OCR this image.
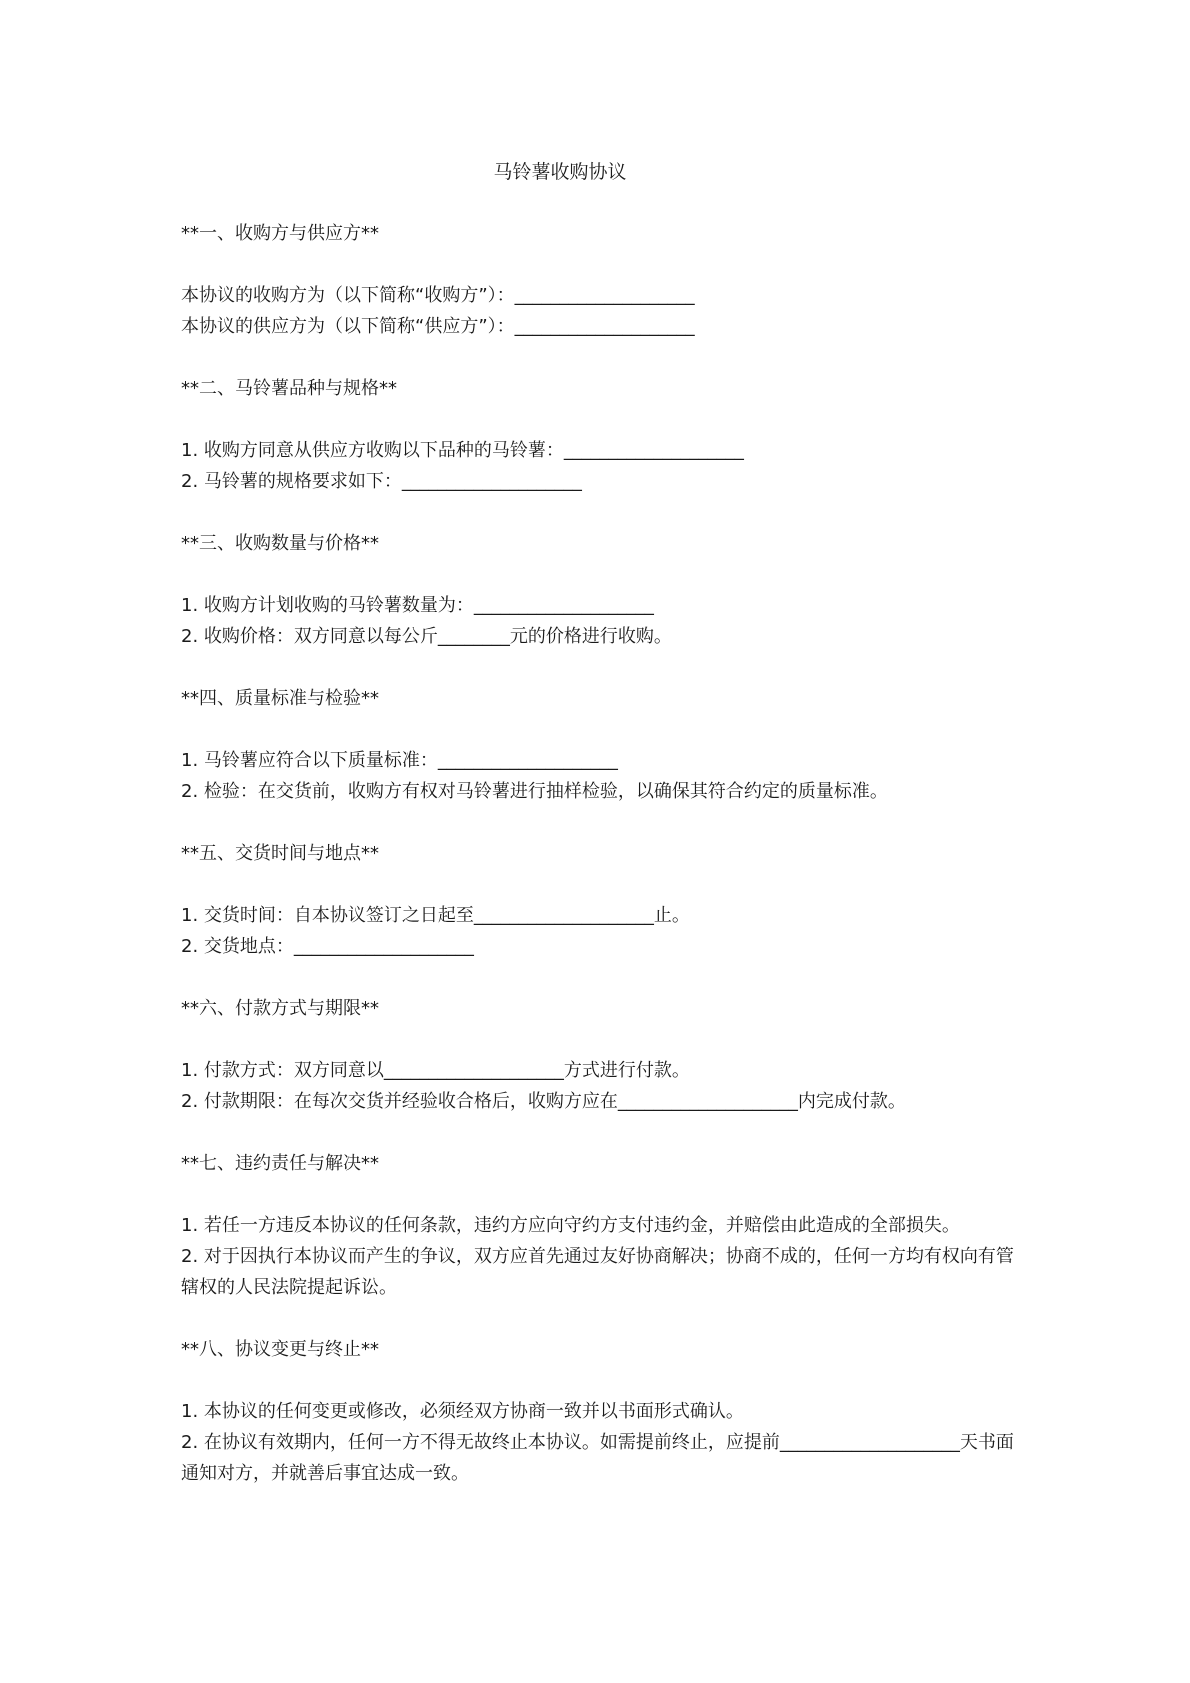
马铃薯收购协议

**一、收购方与供应方**

本协议的收购方为（以下简称“收购方”）：____________________

本协议的供应方为（以下简称“供应方”）：____________________

**二、马铃薯品种与规格**

1. 收购方同意从供应方收购以下品种的马铃薯：____________________

2. 马铃薯的规格要求如下：____________________

**三、收购数量与价格**

1. 收购方计划收购的马铃薯数量为：____________________

2. 收购价格：双方同意以每公斤________元的价格进行收购。

**四、质量标准与检验**

1. 马铃薯应符合以下质量标准：____________________

2. 检验：在交货前，收购方有权对马铃薯进行抽样检验，以确保其符合约定的质量标准。

**五、交货时间与地点**

1. 交货时间：自本协议签订之日起至____________________止。

2. 交货地点：____________________

**六、付款方式与期限**

1. 付款方式：双方同意以____________________方式进行付款。

2. 付款期限：在每次交货并经验收合格后，收购方应在____________________内完成付款。

**七、违约责任与解决**

1. 若任一方违反本协议的任何条款，违约方应向守约方支付违约金，并赔偿由此造成的全部损失。

2. 对于因执行本协议而产生的争议，双方应首先通过友好协商解决；协商不成的，任何一方均有权向有管辖权的人民法院提起诉讼。

**八、协议变更与终止**

1. 本协议的任何变更或修改，必须经双方协商一致并以书面形式确认。

2. 在协议有效期内，任何一方不得无故终止本协议。如需提前终止，应提前____________________天书面通知对方，并就善后事宜达成一致。
